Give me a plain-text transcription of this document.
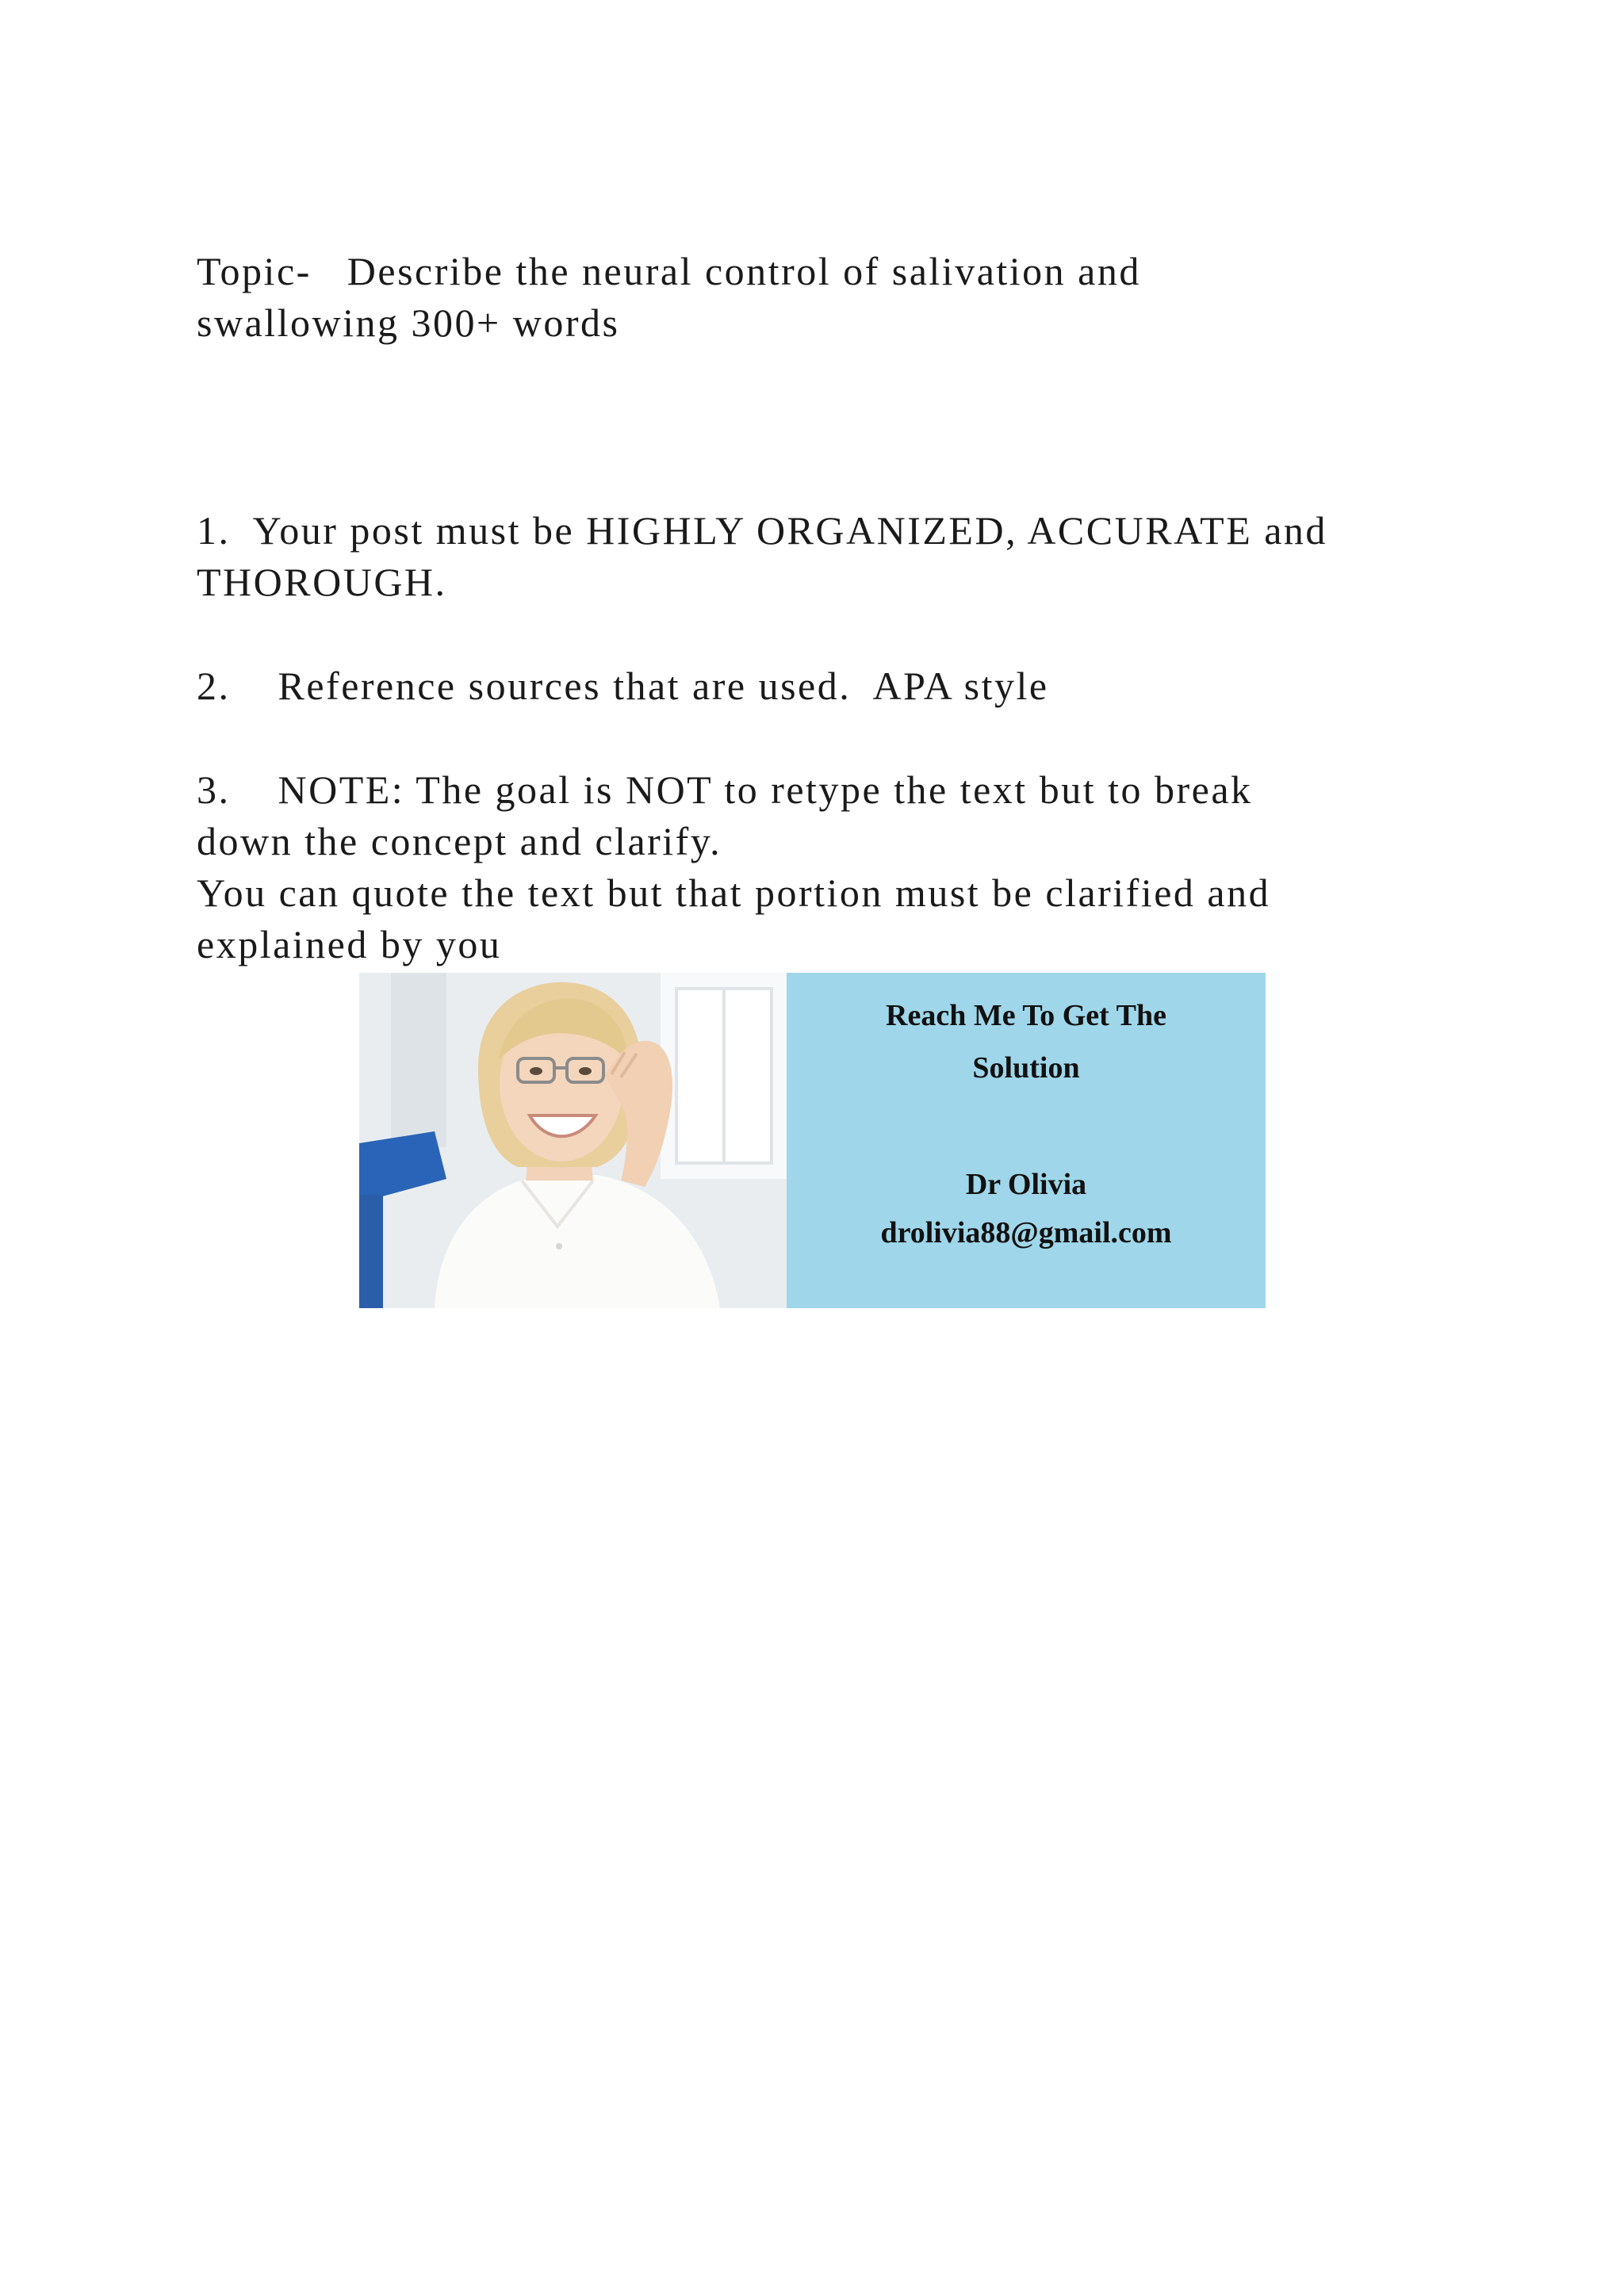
Topic-   Describe the neural control of salivation and
swallowing 300+ words

1.  Your post must be HIGHLY ORGANIZED, ACCURATE and
THOROUGH.

2.    Reference sources that are used.  APA style

3.    NOTE: The goal is NOT to retype the text but to break
down the concept and clarify.
You can quote the text but that portion must be clarified and
explained by you

Reach Me To Get The

Solution

Dr Olivia

drolivia88@gmail.com
